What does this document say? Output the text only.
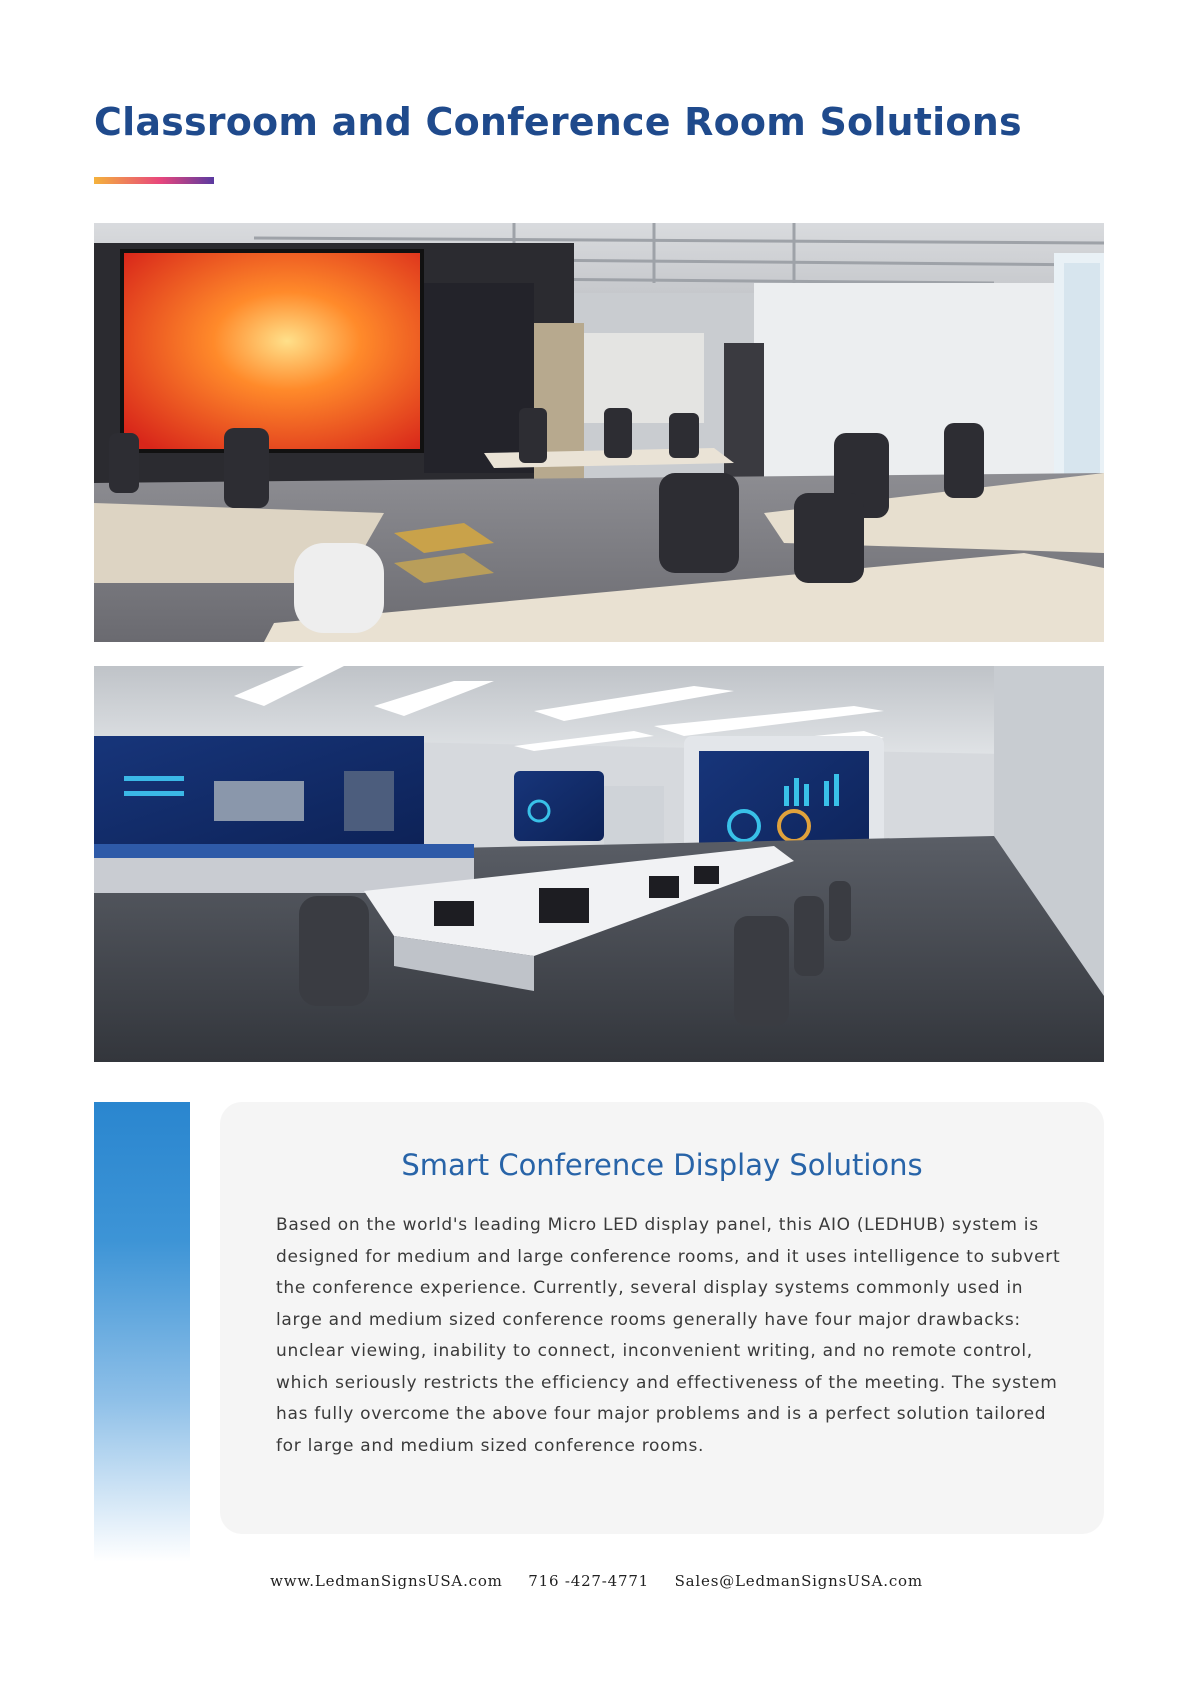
Classroom and Conference Room Solutions
Smart Conference Display Solutions

Based on the world's leading Micro LED display panel, this AIO (LEDHUB) system is designed for medium and large conference rooms, and it uses intelligence to subvert the conference experience. Currently, several display systems commonly used in large and medium sized conference rooms generally have four major drawbacks: unclear viewing, inability to connect, inconvenient writing, and no remote control, which seriously restricts the efficiency and effectiveness of the meeting. The system has fully overcome the above four major problems and is a perfect solution tailored for large and medium sized conference rooms.

www.LedmanSignsUSA.com 716 -427-4771 Sales@LedmanSignsUSA.com
